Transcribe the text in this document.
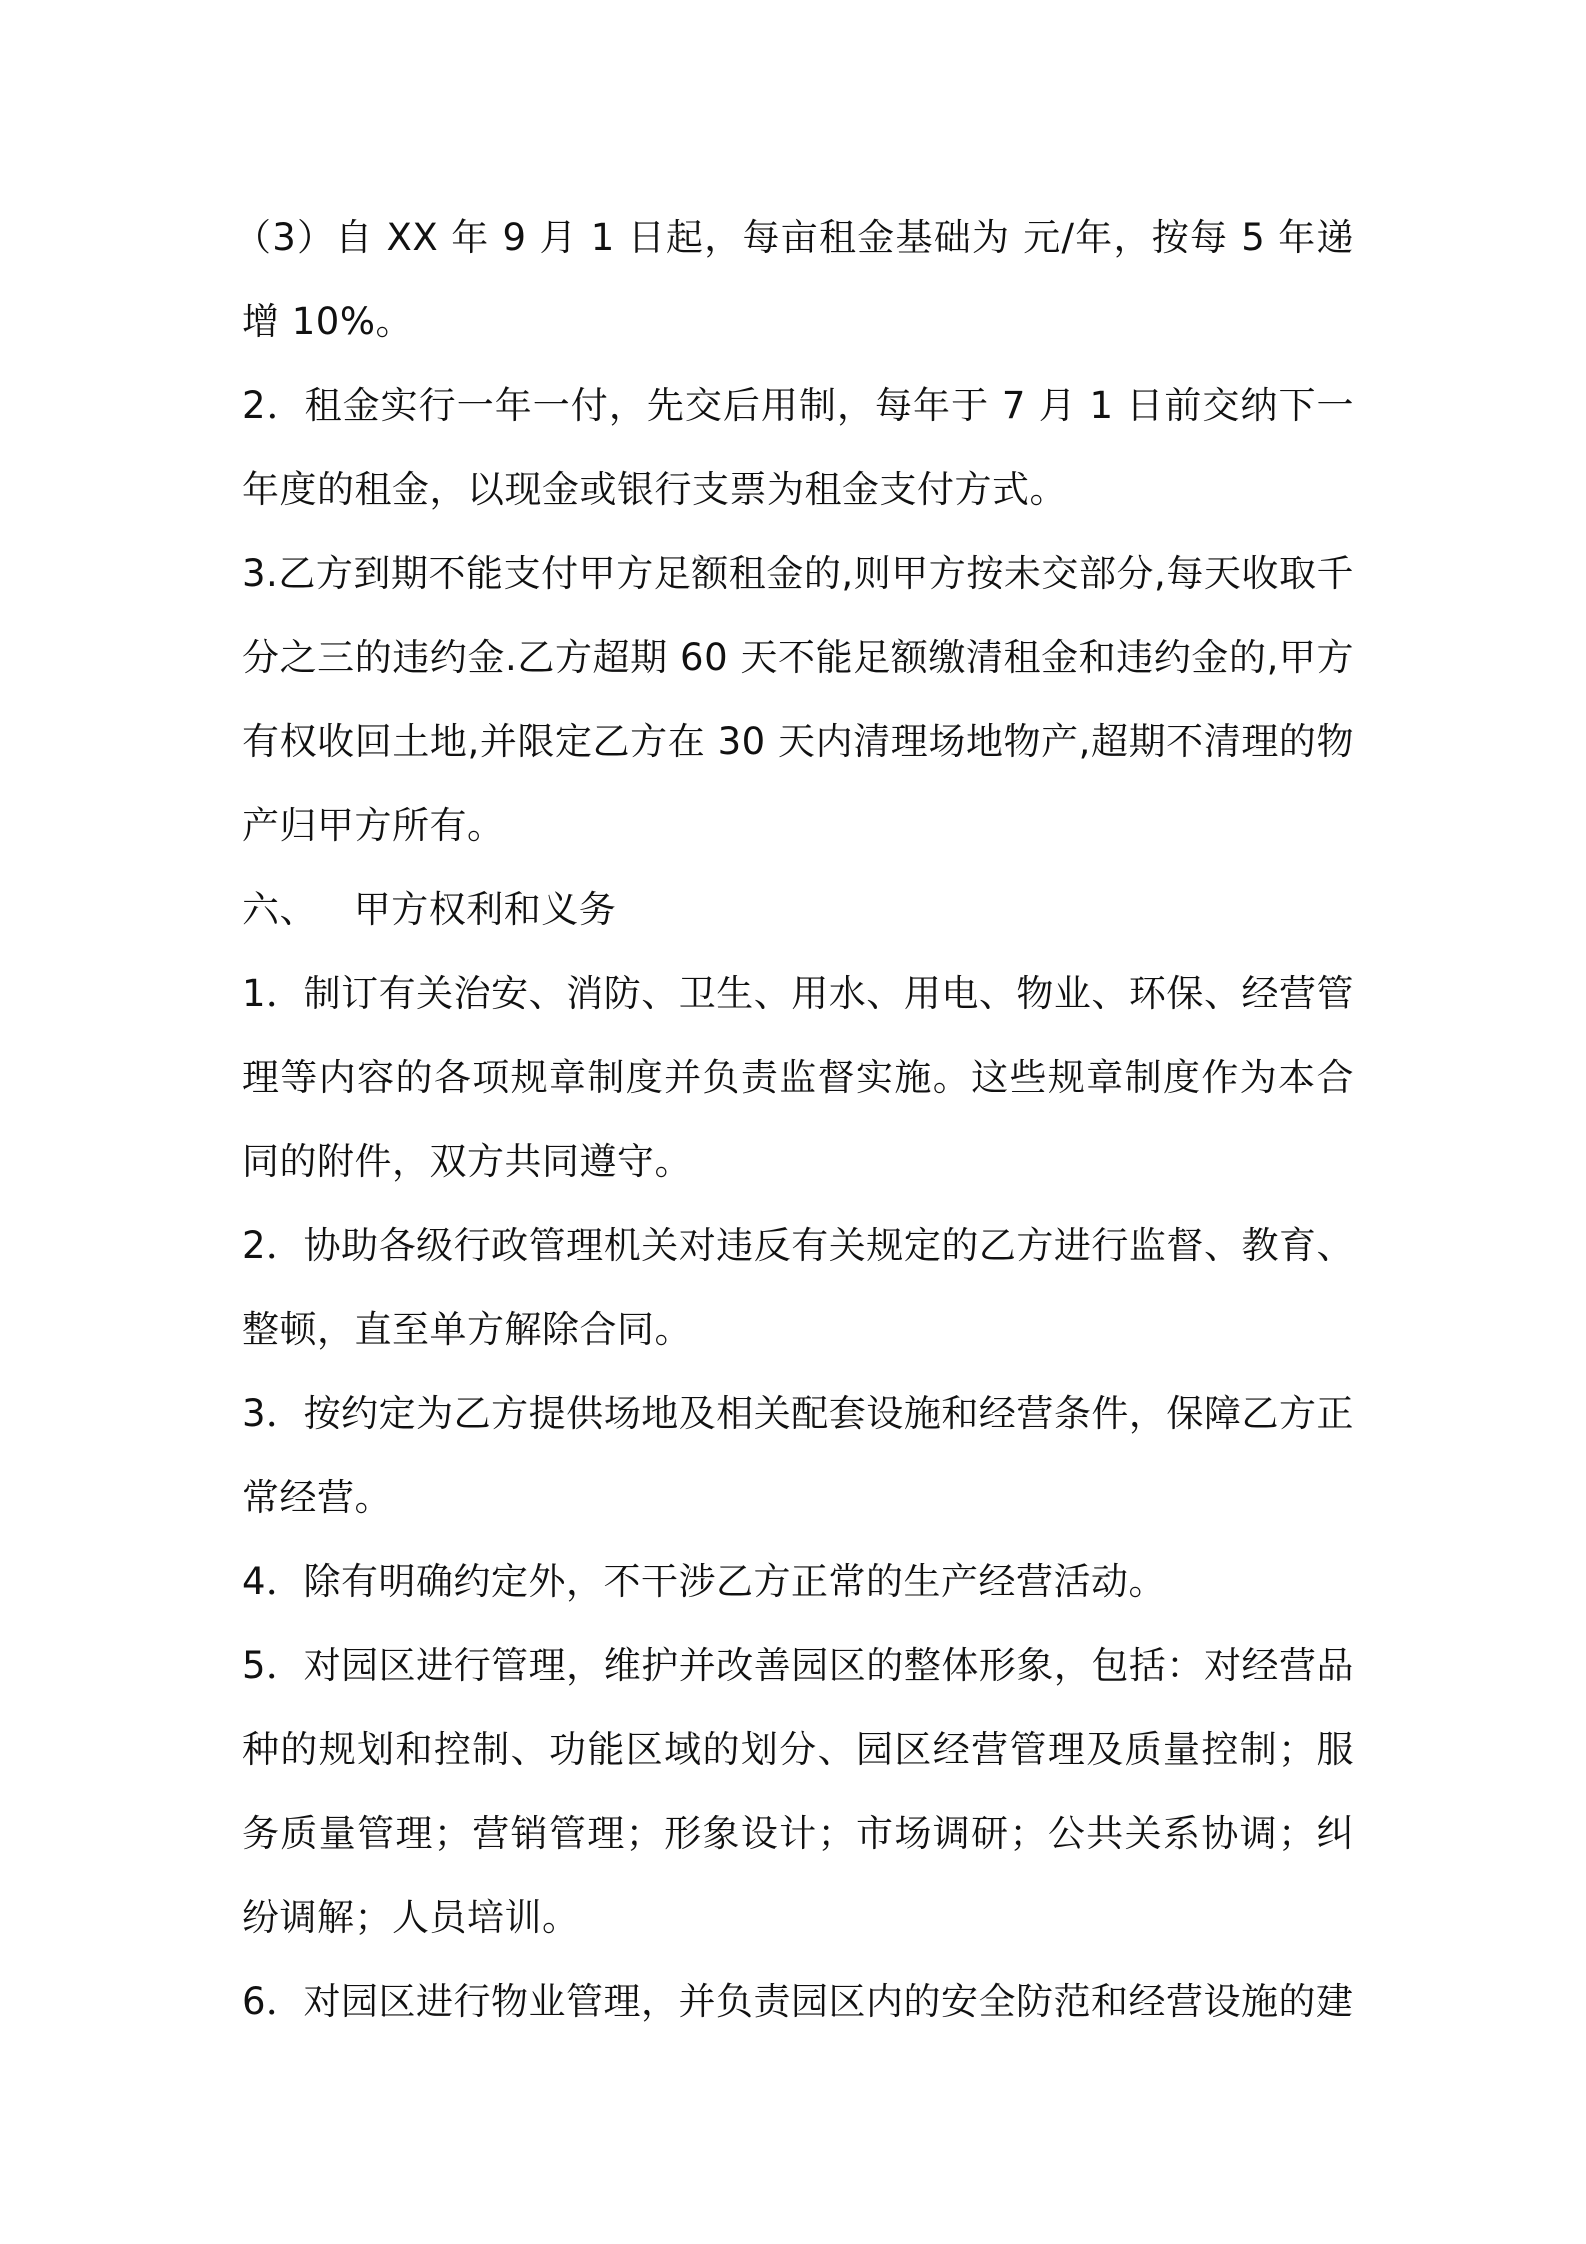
（3）自 XX 年 9 月 1 日起，每亩租金基础为 元/年，按每 5 年递增 10%。

2．租金实行一年一付，先交后用制，每年于 7 月 1 日前交纳下一年度的租金，以现金或银行支票为租金支付方式。

3.乙方到期不能支付甲方足额租金的,则甲方按未交部分,每天收取千分之三的违约金.乙方超期 60 天不能足额缴清租金和违约金的,甲方有权收回土地,并限定乙方在 30 天内清理场地物产,超期不清理的物产归甲方所有。

六、   甲方权利和义务

1．制订有关治安、消防、卫生、用水、用电、物业、环保、经营管理等内容的各项规章制度并负责监督实施。这些规章制度作为本合同的附件，双方共同遵守。

2．协助各级行政管理机关对违反有关规定的乙方进行监督、教育、整顿，直至单方解除合同。

3．按约定为乙方提供场地及相关配套设施和经营条件，保障乙方正常经营。

4．除有明确约定外，不干涉乙方正常的生产经营活动。

5．对园区进行管理，维护并改善园区的整体形象，包括：对经营品种的规划和控制、功能区域的划分、园区经营管理及质量控制；服务质量管理；营销管理；形象设计；市场调研；公共关系协调；纠纷调解；人员培训。

6．对园区进行物业管理，并负责园区内的安全防范和经营设施的建
